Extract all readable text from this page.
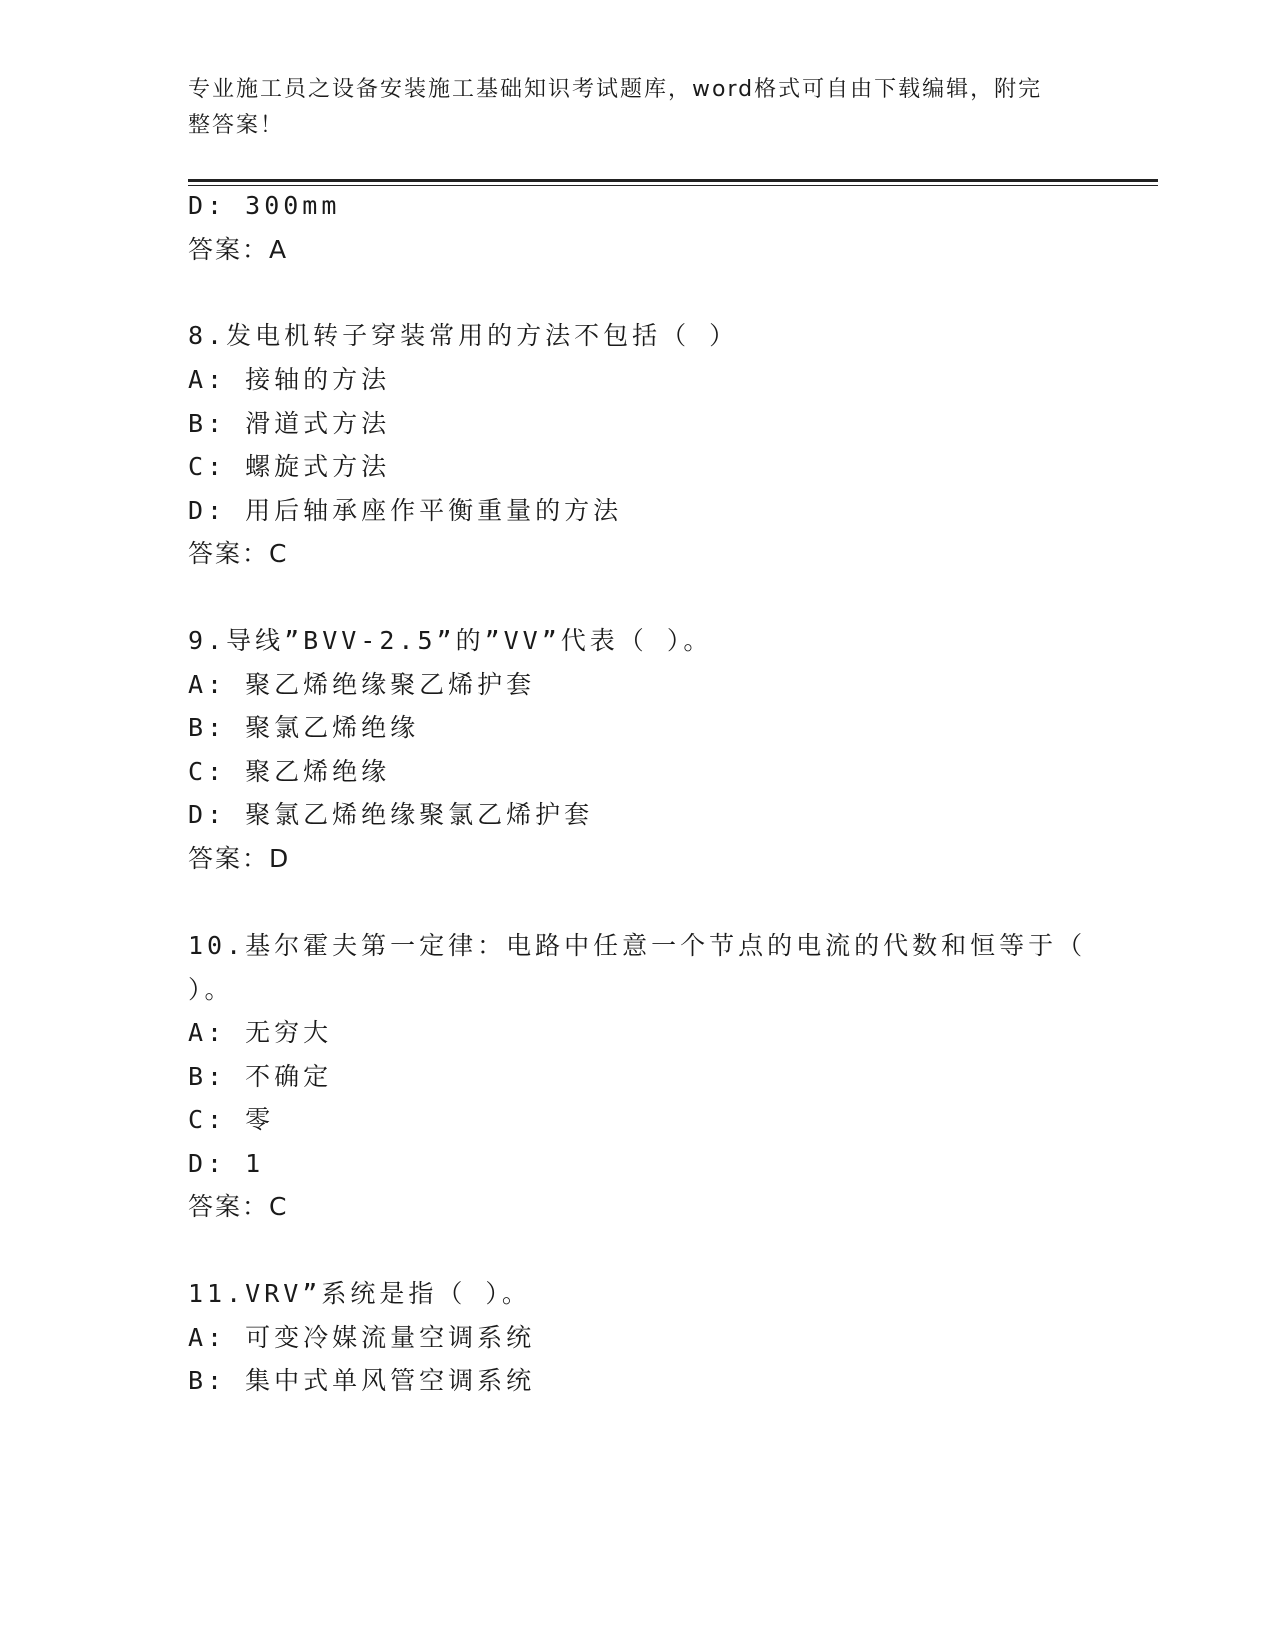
专业施工员之设备安装施工基础知识考试题库，word格式可自由下载编辑，附完
整答案！
D: 300mm
答案：A
8.发电机转子穿装常用的方法不包括（ ）
A: 接轴的方法
B: 滑道式方法
C: 螺旋式方法
D: 用后轴承座作平衡重量的方法
答案：C
9.导线”BVV-2.5”的”VV”代表（ ）。
A: 聚乙烯绝缘聚乙烯护套
B: 聚氯乙烯绝缘
C: 聚乙烯绝缘
D: 聚氯乙烯绝缘聚氯乙烯护套
答案：D
10.基尔霍夫第一定律：电路中任意一个节点的电流的代数和恒等于（
）。
A: 无穷大
B: 不确定
C: 零
D: 1
答案：C
11.VRV”系统是指（ ）。
A: 可变冷媒流量空调系统
B: 集中式单风管空调系统
